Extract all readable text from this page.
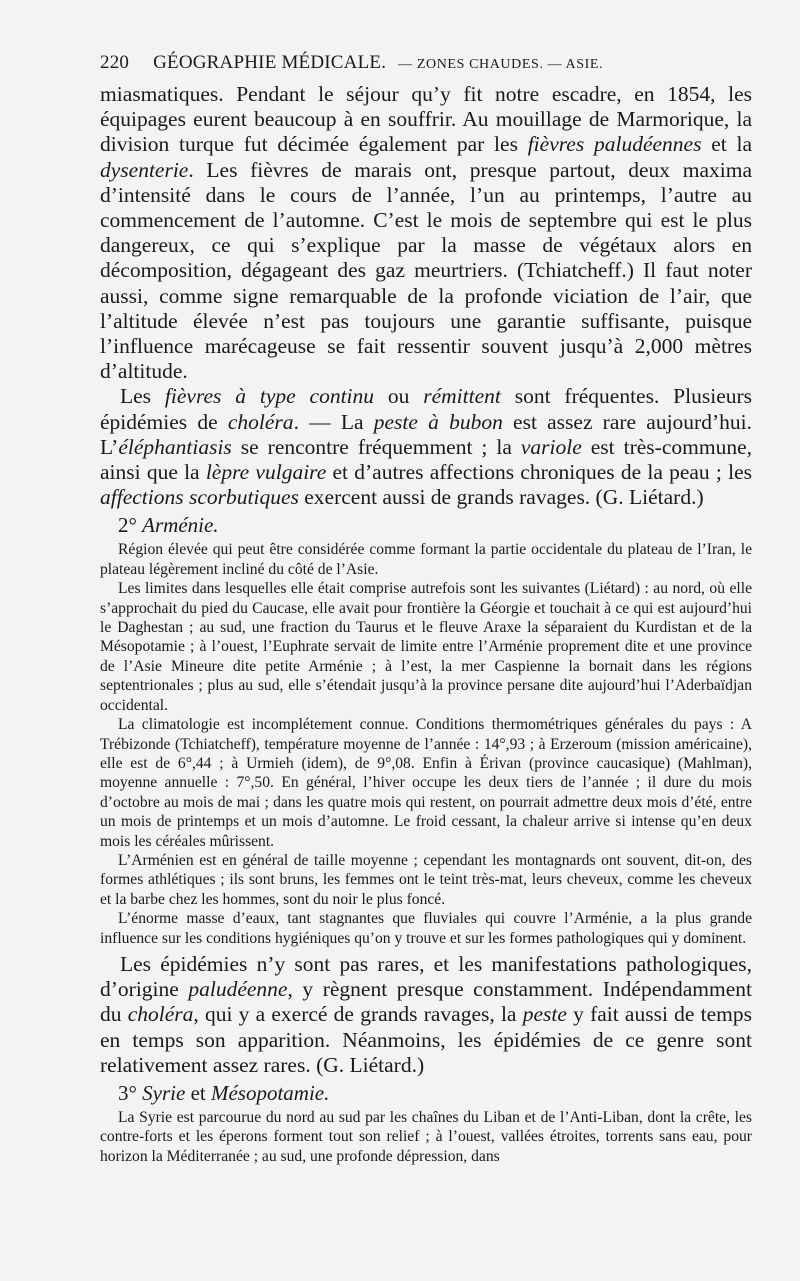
220 GÉOGRAPHIE MÉDICALE. — ZONES CHAUDES. — ASIE.

miasmatiques. Pendant le séjour qu’y fit notre escadre, en 1854, les équipages eurent beaucoup à en souffrir. Au mouillage de Marmorique, la division turque fut décimée également par les fièvres paludéennes et la dysenterie. Les fièvres de marais ont, presque partout, deux maxima d’intensité dans le cours de l’année, l’un au printemps, l’autre au commencement de l’automne. C’est le mois de septembre qui est le plus dangereux, ce qui s’explique par la masse de végétaux alors en décomposition, dégageant des gaz meurtriers. (Tchiatcheff.) Il faut noter aussi, comme signe remarquable de la profonde viciation de l’air, que l’altitude élevée n’est pas toujours une garantie suffisante, puisque l’influence marécageuse se fait ressentir souvent jusqu’à 2,000 mètres d’altitude.

Les fièvres à type continu ou rémittent sont fréquentes. Plusieurs épidémies de choléra. — La peste à bubon est assez rare aujourd’hui. L’éléphantiasis se rencontre fréquemment ; la variole est très-commune, ainsi que la lèpre vulgaire et d’autres affections chroniques de la peau ; les affections scorbutiques exercent aussi de grands ravages. (G. Liétard.)

2° Arménie.

Région élevée qui peut être considérée comme formant la partie occidentale du plateau de l’Iran, le plateau légèrement incliné du côté de l’Asie.

Les limites dans lesquelles elle était comprise autrefois sont les suivantes (Liétard) : au nord, où elle s’approchait du pied du Caucase, elle avait pour frontière la Géorgie et touchait à ce qui est aujourd’hui le Daghestan ; au sud, une fraction du Taurus et le fleuve Araxe la séparaient du Kurdistan et de la Mésopotamie ; à l’ouest, l’Euphrate servait de limite entre l’Arménie proprement dite et une province de l’Asie Mineure dite petite Arménie ; à l’est, la mer Caspienne la bornait dans les régions septentrionales ; plus au sud, elle s’étendait jusqu’à la province persane dite aujourd’hui l’Aderbaïdjan occidental.

La climatologie est incomplétement connue. Conditions thermométriques générales du pays : A Trébizonde (Tchiatcheff), température moyenne de l’année : 14°,93 ; à Erzeroum (mission américaine), elle est de 6°,44 ; à Urmieh (idem), de 9°,08. Enfin à Érivan (province caucasique) (Mahlman), moyenne annuelle : 7°,50. En général, l’hiver occupe les deux tiers de l’année ; il dure du mois d’octobre au mois de mai ; dans les quatre mois qui restent, on pourrait admettre deux mois d’été, entre un mois de printemps et un mois d’automne. Le froid cessant, la chaleur arrive si intense qu’en deux mois les céréales mûrissent.

L’Arménien est en général de taille moyenne ; cependant les montagnards ont souvent, dit-on, des formes athlétiques ; ils sont bruns, les femmes ont le teint très-mat, leurs cheveux, comme les cheveux et la barbe chez les hommes, sont du noir le plus foncé.

L’énorme masse d’eaux, tant stagnantes que fluviales qui couvre l’Arménie, a la plus grande influence sur les conditions hygiéniques qu’on y trouve et sur les formes pathologiques qui y dominent.

Les épidémies n’y sont pas rares, et les manifestations pathologiques, d’origine paludéenne, y règnent presque constamment. Indépendamment du choléra, qui y a exercé de grands ravages, la peste y fait aussi de temps en temps son apparition. Néanmoins, les épidémies de ce genre sont relativement assez rares. (G. Liétard.)

3° Syrie et Mésopotamie.

La Syrie est parcourue du nord au sud par les chaînes du Liban et de l’Anti-Liban, dont la crête, les contre-forts et les éperons forment tout son relief ; à l’ouest, vallées étroites, torrents sans eau, pour horizon la Méditerranée ; au sud, une profonde dépression, dans
